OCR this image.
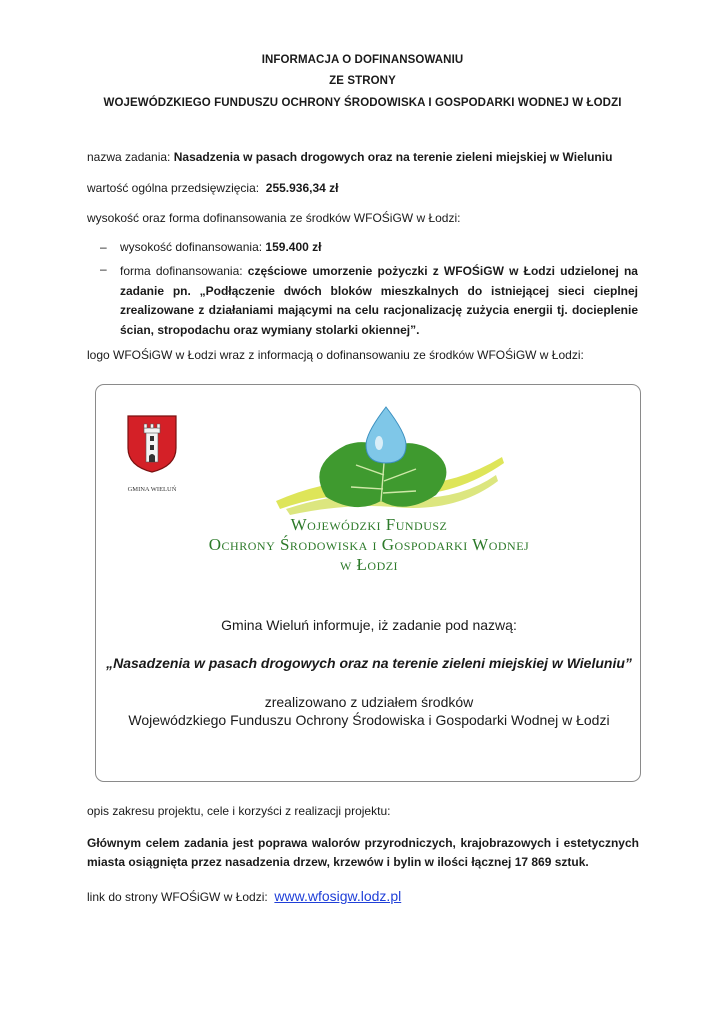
INFORMACJA O DOFINANSOWANIU
ZE STRONY
WOJEWÓDZKIEGO FUNDUSZU OCHRONY ŚRODOWISKA I GOSPODARKI WODNEJ W ŁODZI
nazwa zadania: Nasadzenia w pasach drogowych oraz na terenie zieleni miejskiej w Wieluniu
wartość ogólna przedsięwzięcia: 255.936,34 zł
wysokość oraz forma dofinansowania ze środków WFOŚiGW w Łodzi:
– wysokość dofinansowania: 159.400 zł
– forma dofinansowania: częściowe umorzenie pożyczki z WFOŚiGW w Łodzi udzielonej na zadanie pn. „Podłączenie dwóch bloków mieszkalnych do istniejącej sieci cieplnej zrealizowane z działaniami mającymi na celu racjonalizację zużycia energii tj. docieplenie ścian, stropodachu oraz wymiany stolarki okiennej”.
logo WFOŚiGW w Łodzi wraz z informacją o dofinansowaniu ze środków WFOŚiGW w Łodzi:
GMINA WIELUŃ
Wojewódzki Fundusz
Ochrony Środowiska i Gospodarki Wodnej
w Łodzi
Gmina Wieluń informuje, iż zadanie pod nazwą:
„Nasadzenia w pasach drogowych oraz na terenie zieleni miejskiej w Wieluniu”
zrealizowano z udziałem środków
Wojewódzkiego Funduszu Ochrony Środowiska i Gospodarki Wodnej w Łodzi
opis zakresu projektu, cele i korzyści z realizacji projektu:
Głównym celem zadania jest poprawa walorów przyrodniczych, krajobrazowych i estetycznych miasta osiągnięta przez nasadzenia drzew, krzewów i bylin w ilości łącznej 17 869 sztuk.
link do strony WFOŚiGW w Łodzi: www.wfosigw.lodz.pl
